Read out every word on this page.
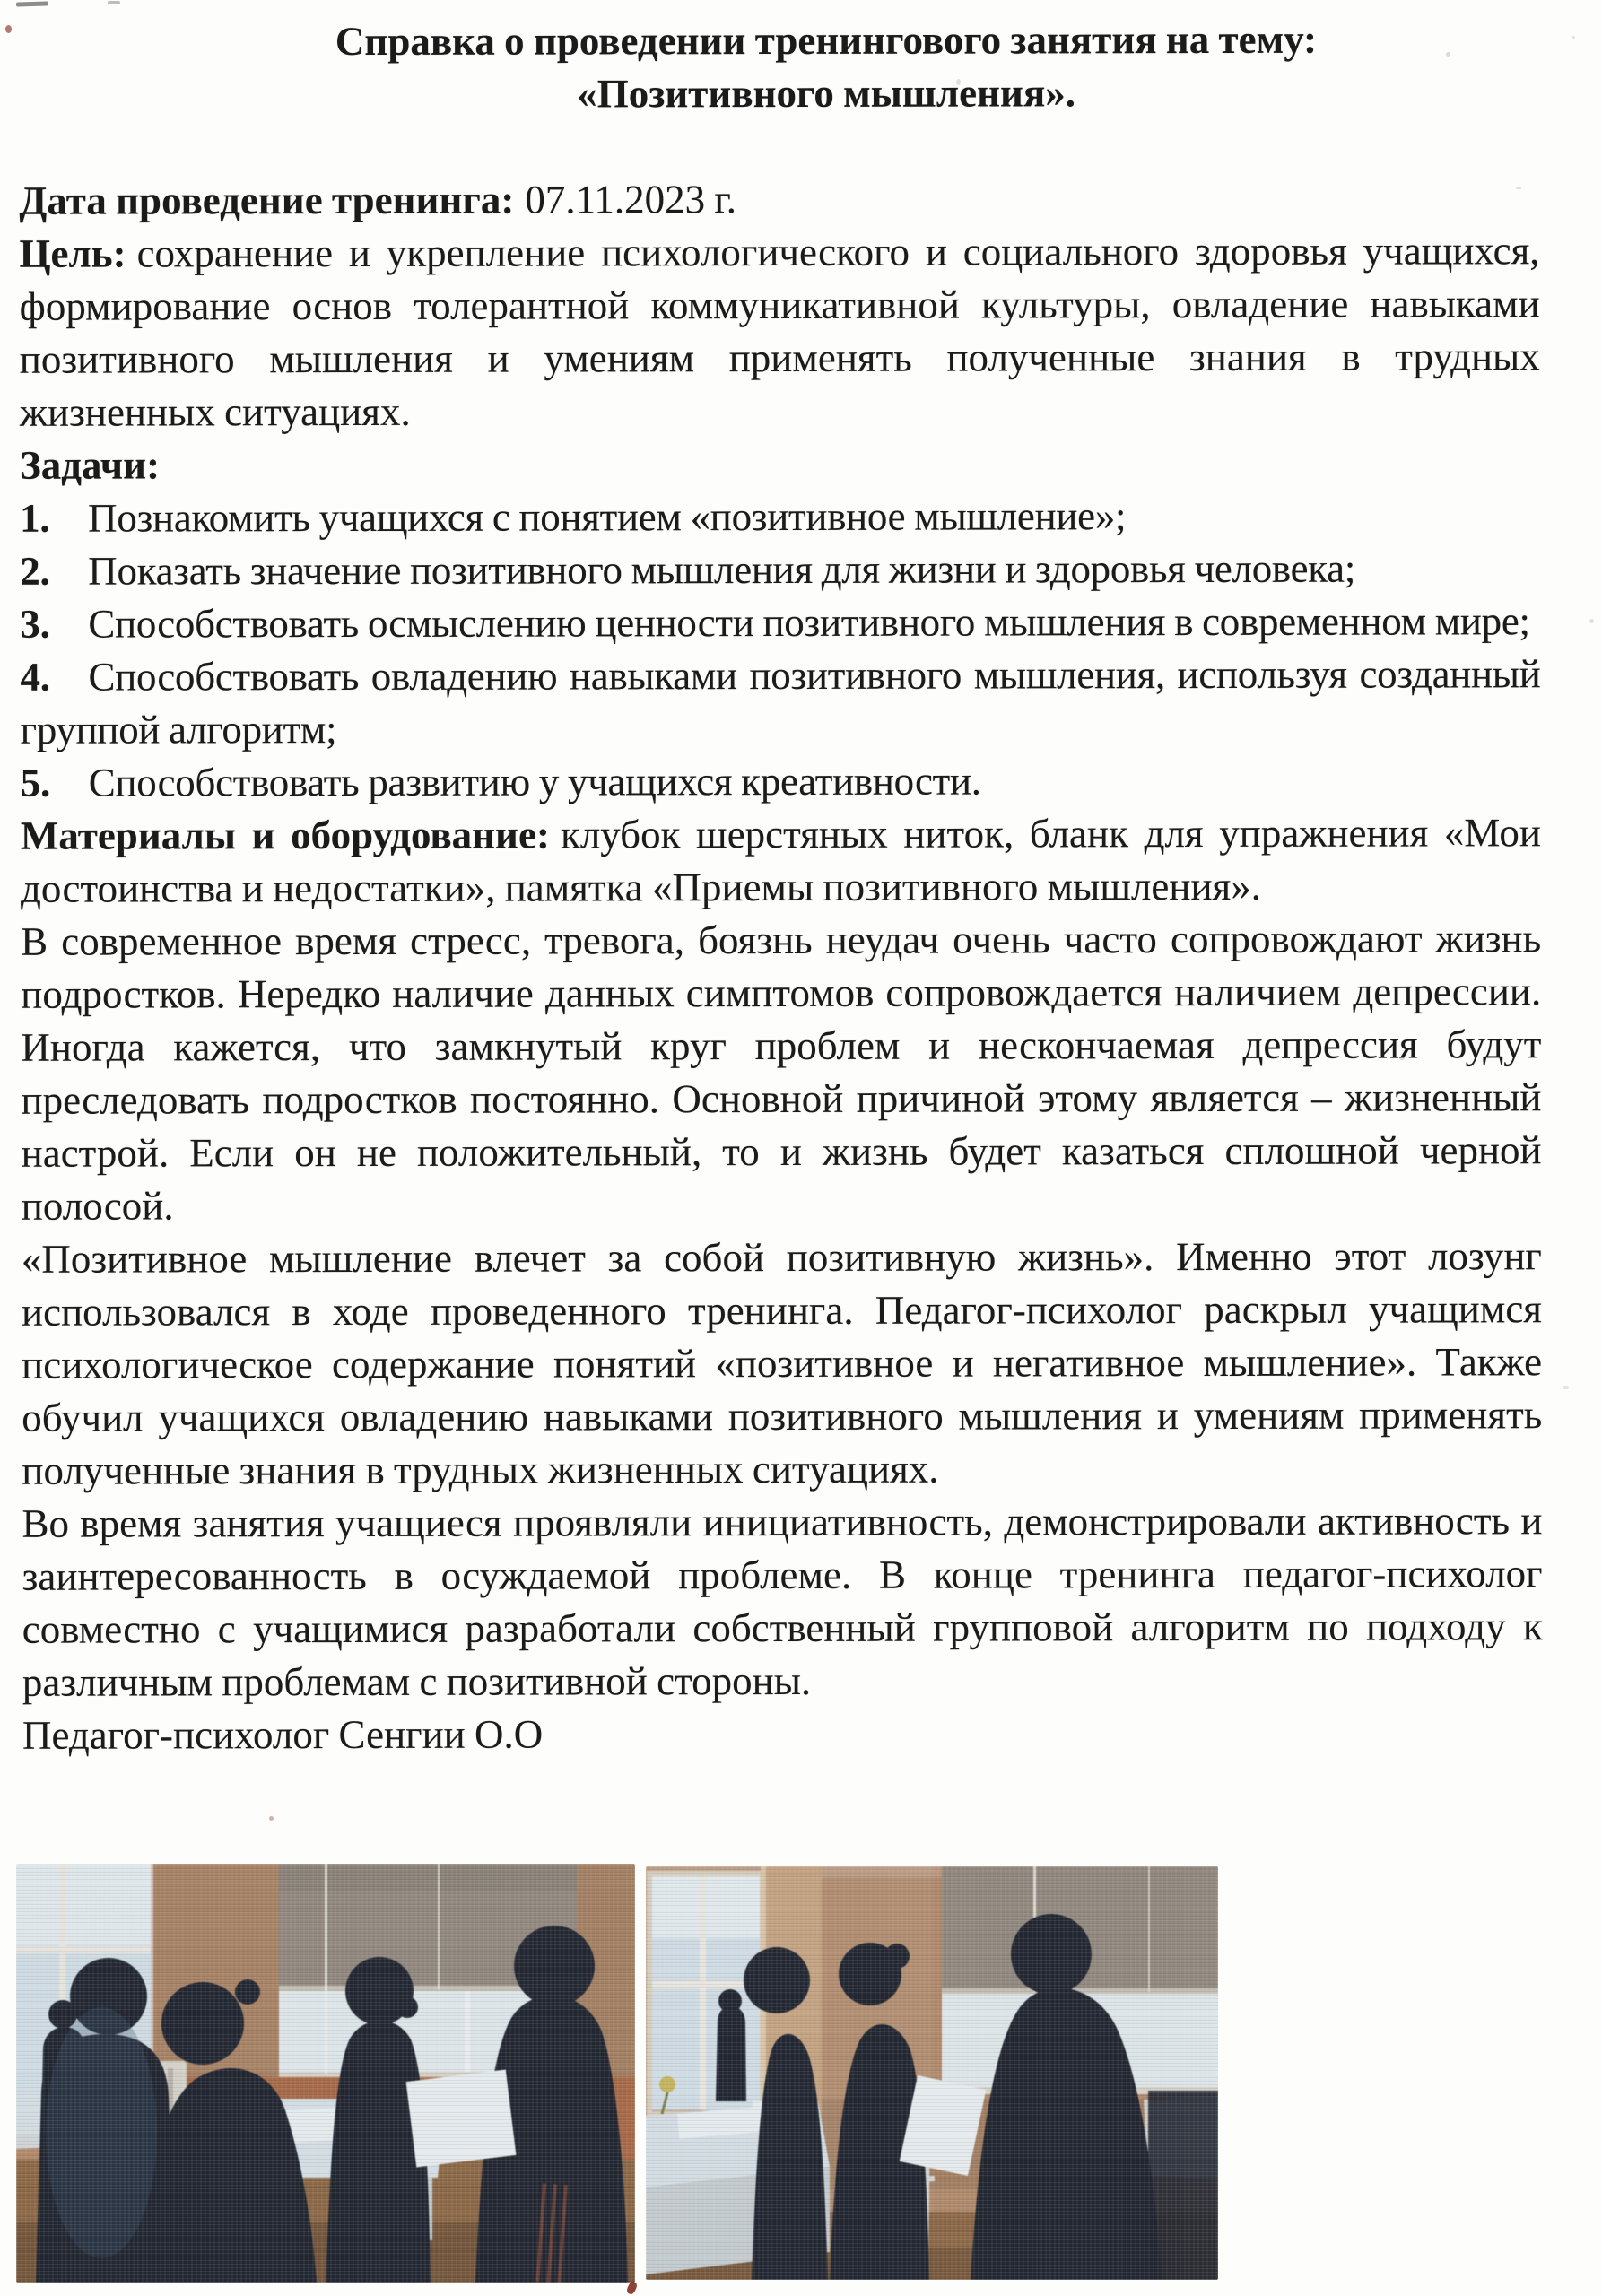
Справка о проведении тренингового занятия на тему:
«Позитивного мышления».
Дата проведение тренинга: 07.11.2023 г.
Цель: сохранение и укрепление психологического и социального здоровья учащихся, формирование основ толерантной коммуникативной культуры, овладение навыками позитивного мышления и умениям применять полученные знания в трудных жизненных ситуациях.
Задачи:
1. Познакомить учащихся с понятием «позитивное мышление»;
2. Показать значение позитивного мышления для жизни и здоровья человека;
3. Способствовать осмыслению ценности позитивного мышления в современном мире;
4. Способствовать овладению навыками позитивного мышления, используя созданный группой алгоритм;
5. Способствовать развитию у учащихся креативности.
Материалы и оборудование: клубок шерстяных ниток, бланк для упражнения «Мои достоинства и недостатки», памятка «Приемы позитивного мышления».
В современное время стресс, тревога, боязнь неудач очень часто сопровождают жизнь подростков. Нередко наличие данных симптомов сопровождается наличием депрессии. Иногда кажется, что замкнутый круг проблем и нескончаемая депрессия будут преследовать подростков постоянно. Основной причиной этому является – жизненный настрой. Если он не положительный, то и жизнь будет казаться сплошной черной полосой.
«Позитивное мышление влечет за собой позитивную жизнь». Именно этот лозунг использовался в ходе проведенного тренинга. Педагог-психолог раскрыл учащимся психологическое содержание понятий «позитивное и негативное мышление». Также обучил учащихся овладению навыками позитивного мышления и умениям применять полученные знания в трудных жизненных ситуациях.
Во время занятия учащиеся проявляли инициативность, демонстрировали активность и заинтересованность в осуждаемой проблеме. В конце тренинга педагог-психолог совместно с учащимися разработали собственный групповой алгоритм по подходу к различным проблемам с позитивной стороны.
Педагог-психолог Сенгии О.О
